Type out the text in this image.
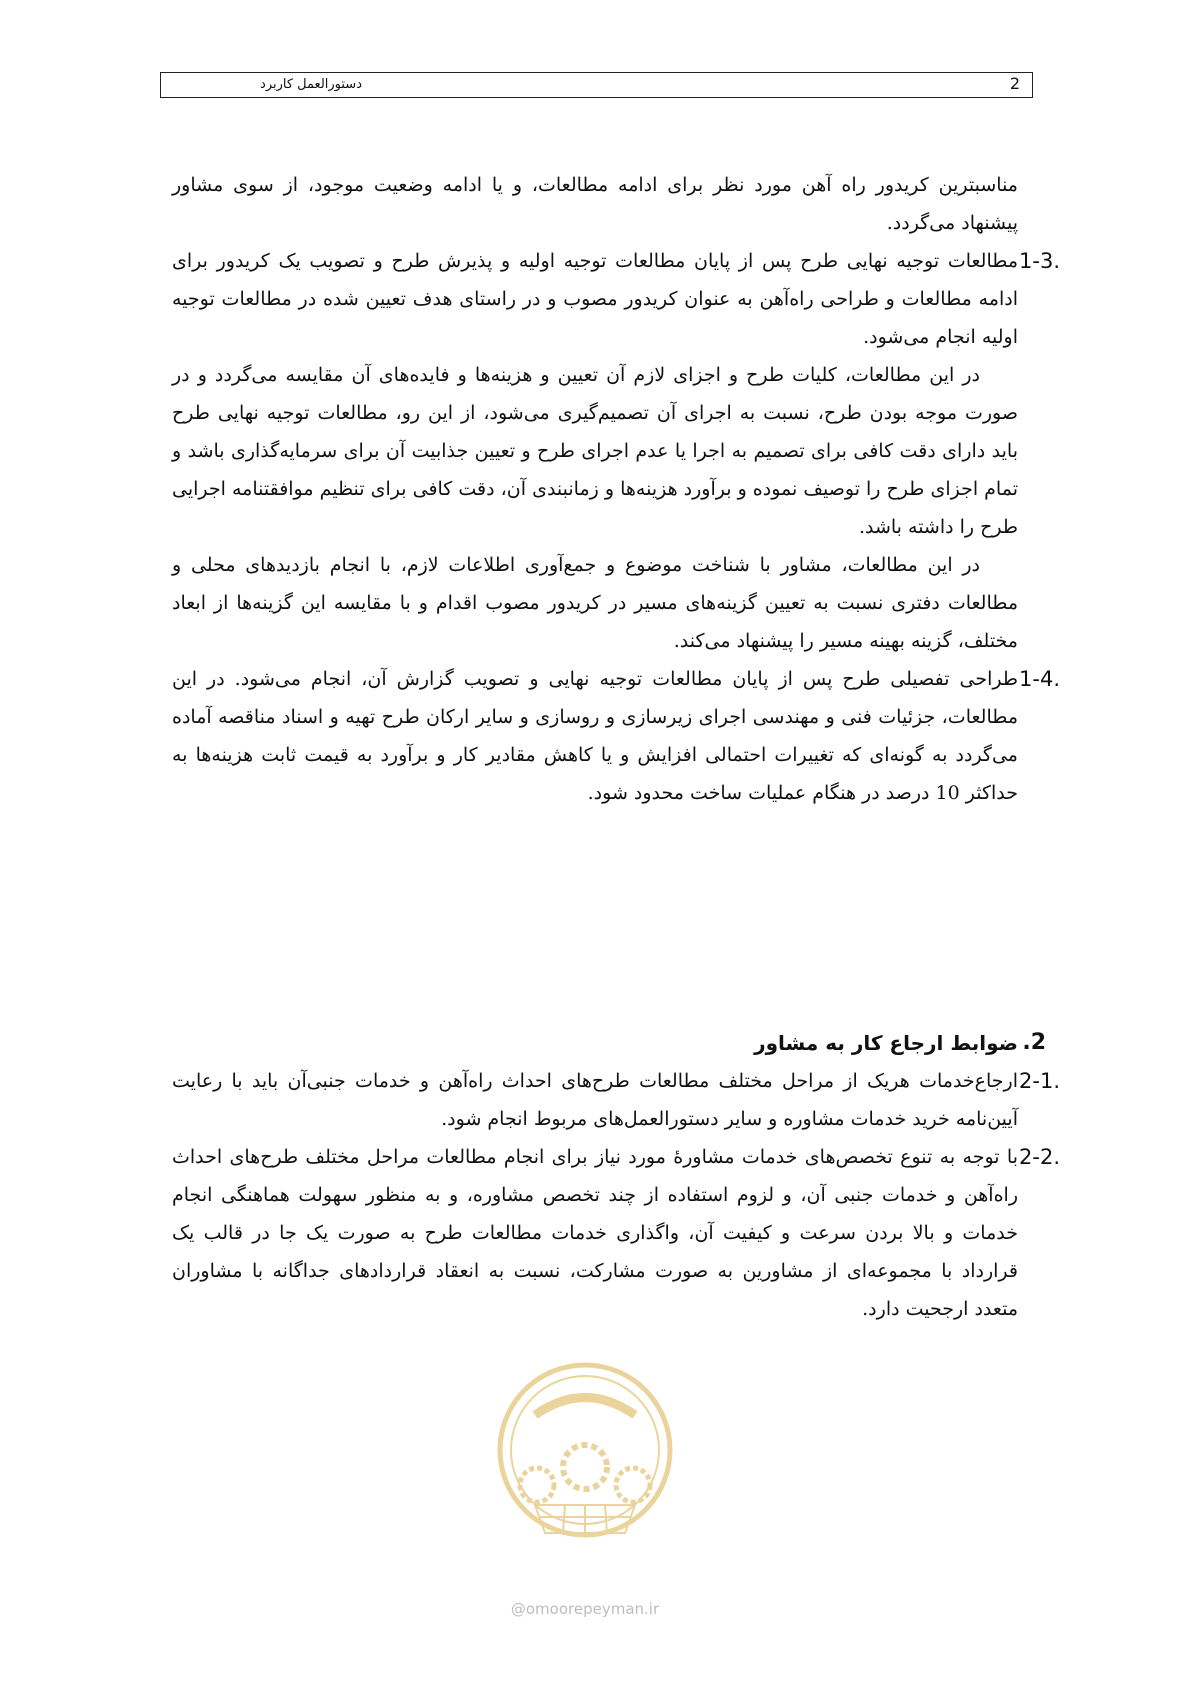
2
دستورالعمل کاربرد

مناسبترین کریدور راه آهن مورد نظر برای ادامه مطالعات، و یا ادامه وضعیت موجود، از سوی مشاور پیشنهاد می‌گردد.

1-3.

مطالعات توجیه نهایی طرح پس از پایان مطالعات توجیه اولیه و پذیرش طرح و تصویب یک کریدور برای ادامه مطالعات و طراحی راه‌آهن به عنوان کریدور مصوب و در راستای هدف تعیین شده در مطالعات توجیه اولیه انجام می‌شود.

در این مطالعات، کلیات طرح و اجزای لازم آن تعیین و هزینه‌ها و فایده‌های آن مقایسه می‌گردد و در صورت موجه بودن طرح، نسبت به اجرای آن تصمیم‌گیری می‌شود، از این رو، مطالعات توجیه نهایی طرح باید دارای دقت کافی برای تصمیم به اجرا یا عدم اجرای طرح و تعیین جذابیت آن برای سرمایه‌گذاری باشد و تمام اجزای طرح را توصیف نموده و برآورد هزینه‌ها و زمانبندی آن، دقت کافی برای تنظیم موافقتنامه اجرایی طرح را داشته باشد.

در این مطالعات، مشاور با شناخت موضوع و جمع‌آوری اطلاعات لازم، با انجام بازدیدهای محلی و مطالعات دفتری نسبت به تعیین گزینه‌های مسیر در کریدور مصوب اقدام و با مقایسه این گزینه‌ها از ابعاد مختلف، گزینه بهینه مسیر را پیشنهاد می‌کند.

1-4.

طراحی تفصیلی طرح پس از پایان مطالعات توجیه نهایی و تصویب گزارش آن، انجام می‌شود. در این مطالعات، جزئیات فنی و مهندسی اجرای زیرسازی و روسازی و سایر ارکان طرح تهیه و اسناد مناقصه آماده می‌گردد به گونه‌ای که تغییرات احتمالی افزایش و یا کاهش مقادیر کار و برآورد به قیمت ثابت هزینه‌ها به حداکثر 10 درصد در هنگام عملیات ساخت محدود شود.

2.
ضوابط ارجاع کار به مشاور
2-1.

ارجاع‌خدمات هریک از مراحل مختلف مطالعات طرح‌های احداث راه‌آهن و خدمات جنبی‌آن باید با رعایت آیین‌نامه خرید خدمات مشاوره و سایر دستورالعمل‌های مربوط انجام شود.

2-2.

با توجه به تنوع تخصص‌های خدمات مشاورهٔ مورد نیاز برای انجام مطالعات مراحل مختلف طرح‌های احداث راه‌آهن و خدمات جنبی آن، و لزوم استفاده از چند تخصص مشاوره، و به منظور سهولت هماهنگی انجام خدمات و بالا بردن سرعت و کیفیت آن، واگذاری خدمات مطالعات طرح به صورت یک جا در قالب یک قرارداد با مجموعه‌ای از مشاورین به صورت مشارکت، نسبت به انعقاد قراردادهای جداگانه با مشاوران متعدد ارجحیت دارد.

@omoorepeyman.ir
